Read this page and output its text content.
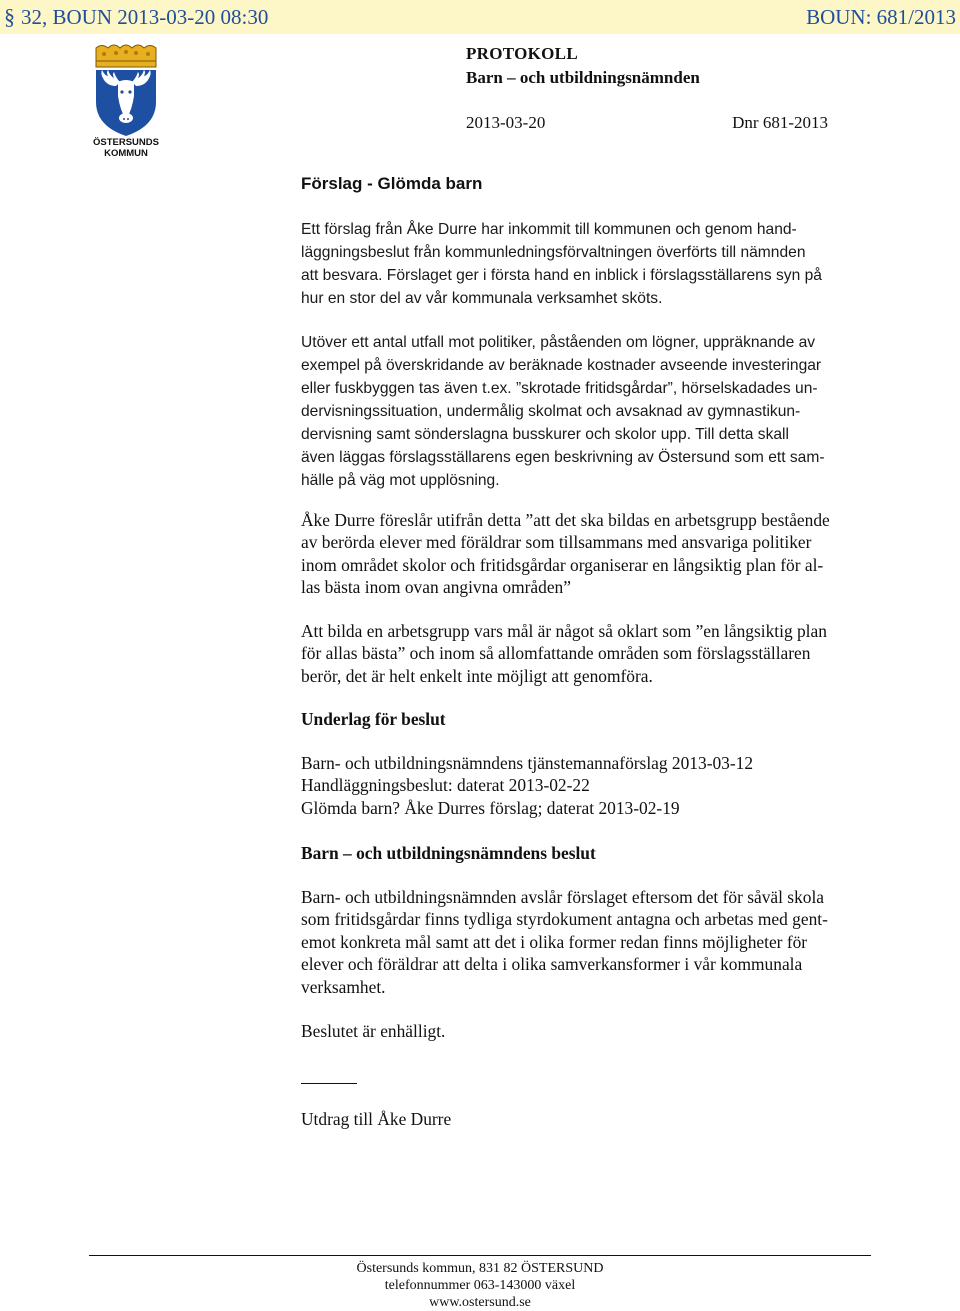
§ 32, BOUN 2013-03-20 08:30	BOUN: 681/2013
ÖSTERSUNDS
KOMMUN
PROTOKOLL
Barn – och utbildningsnämnden
2013-03-20	Dnr 681-2013
Förslag - Glömda barn

Ett förslag från Åke Durre har inkommit till kommunen och genom hand-
läggningsbeslut från kommunledningsförvaltningen överförts till nämnden
att besvara. Förslaget ger i första hand en inblick i förslagsställarens syn på
hur en stor del av vår kommunala verksamhet sköts.

Utöver ett antal utfall mot politiker, påståenden om lögner, uppräknande av
exempel på överskridande av beräknade kostnader avseende investeringar
eller fuskbyggen tas även t.ex. ”skrotade fritidsgårdar”, hörselskadades un-
dervisningssituation, undermålig skolmat och avsaknad av gymnastikun-
dervisning samt sönderslagna busskurer och skolor upp. Till detta skall
även läggas förslagsställarens egen beskrivning av Östersund som ett sam-
hälle på väg mot upplösning.

Åke Durre föreslår utifrån detta ”att det ska bildas en arbetsgrupp bestående
av berörda elever med föräldrar som tillsammans med ansvariga politiker
inom området skolor och fritidsgårdar organiserar en långsiktig plan för al-
las bästa inom ovan angivna områden”

Att bilda en arbetsgrupp vars mål är något så oklart som ”en långsiktig plan
för allas bästa” och inom så allomfattande områden som förslagsställaren
berör, det är helt enkelt inte möjligt att genomföra.

Underlag för beslut

Barn- och utbildningsnämndens tjänstemannaförslag 2013-03-12
Handläggningsbeslut: daterat 2013-02-22
Glömda barn? Åke Durres förslag; daterat 2013-02-19

Barn – och utbildningsnämndens beslut

Barn- och utbildningsnämnden avslår förslaget eftersom det för såväl skola
som fritidsgårdar finns tydliga styrdokument antagna och arbetas med gent-
emot konkreta mål samt att det i olika former redan finns möjligheter för
elever och föräldrar att delta i olika samverkansformer i vår kommunala
verksamhet.

Beslutet är enhälligt.

Utdrag till Åke Durre

Östersunds kommun, 831 82 ÖSTERSUND
telefonnummer 063-143000 växel
www.ostersund.se
